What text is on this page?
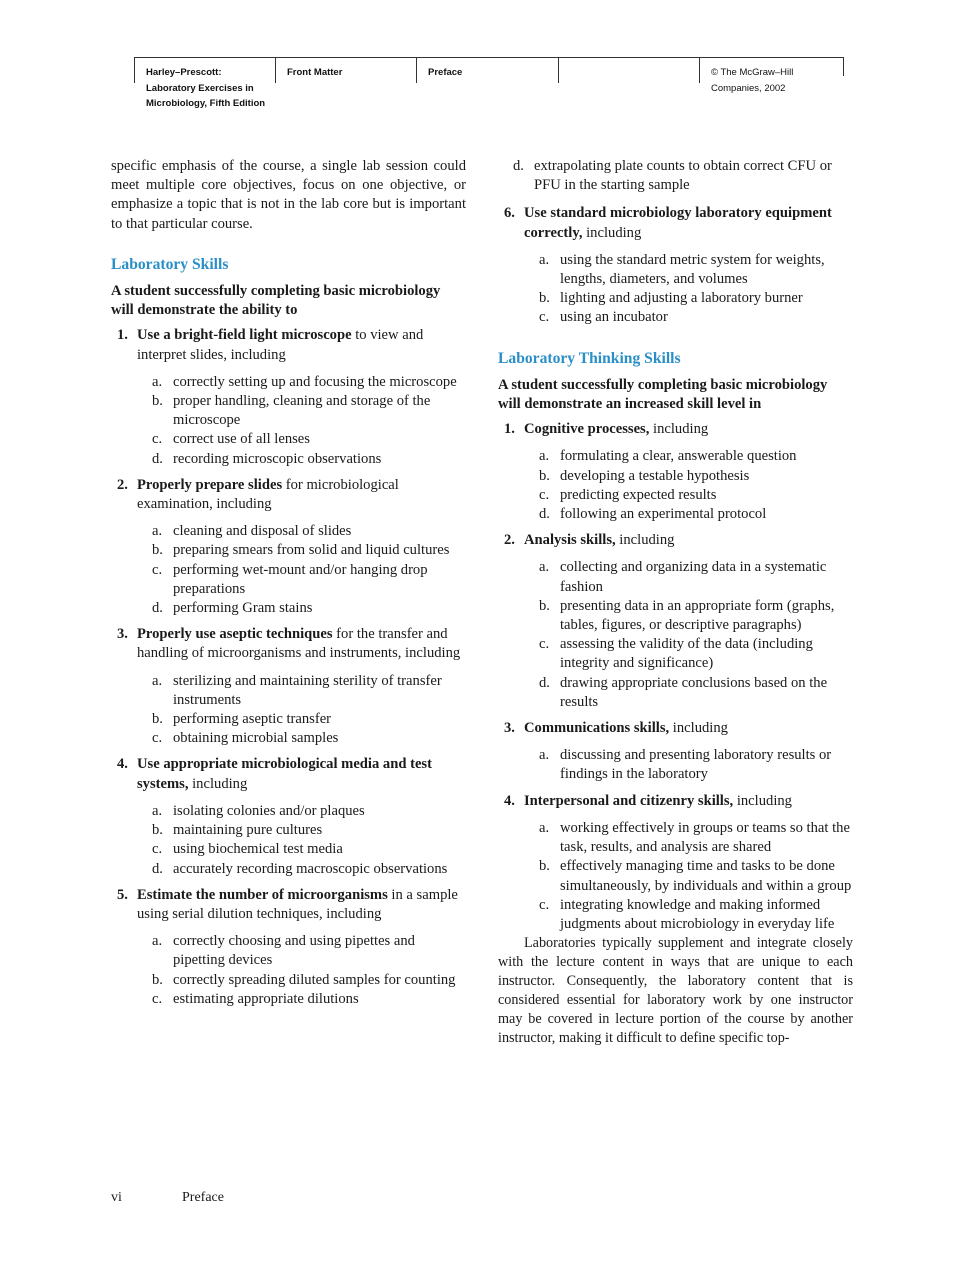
Harley–Prescott:
Laboratory Exercises in
Microbiology, Fifth Edition
Front Matter	Preface	© The McGraw–Hill
Companies, 2002

specific emphasis of the course, a single lab session could meet multiple core objectives, focus on one objective, or emphasize a topic that is not in the lab core but is important to that particular course.

Laboratory Skills

A student successfully completing basic microbiology will demonstrate the ability to

1. Use a bright-field light microscope to view and interpret slides, including
a. correctly setting up and focusing the microscope
b. proper handling, cleaning and storage of the microscope
c. correct use of all lenses
d. recording microscopic observations
2. Properly prepare slides for microbiological examination, including
a. cleaning and disposal of slides
b. preparing smears from solid and liquid cultures
c. performing wet-mount and/or hanging drop preparations
d. performing Gram stains
3. Properly use aseptic techniques for the transfer and handling of microorganisms and instruments, including
a. sterilizing and maintaining sterility of transfer instruments
b. performing aseptic transfer
c. obtaining microbial samples
4. Use appropriate microbiological media and test systems, including
a. isolating colonies and/or plaques
b. maintaining pure cultures
c. using biochemical test media
d. accurately recording macroscopic observations
5. Estimate the number of microorganisms in a sample using serial dilution techniques, including
a. correctly choosing and using pipettes and pipetting devices
b. correctly spreading diluted samples for counting
c. estimating appropriate dilutions
d. extrapolating plate counts to obtain correct CFU or PFU in the starting sample
6. Use standard microbiology laboratory equipment correctly, including
a. using the standard metric system for weights, lengths, diameters, and volumes
b. lighting and adjusting a laboratory burner
c. using an incubator
Laboratory Thinking Skills

A student successfully completing basic microbiology will demonstrate an increased skill level in

1. Cognitive processes, including
a. formulating a clear, answerable question
b. developing a testable hypothesis
c. predicting expected results
d. following an experimental protocol
2. Analysis skills, including
a. collecting and organizing data in a systematic fashion
b. presenting data in an appropriate form (graphs, tables, figures, or descriptive paragraphs)
c. assessing the validity of the data (including integrity and significance)
d. drawing appropriate conclusions based on the results
3. Communications skills, including
a. discussing and presenting laboratory results or findings in the laboratory
4. Interpersonal and citizenry skills, including
a. working effectively in groups or teams so that the task, results, and analysis are shared
b. effectively managing time and tasks to be done simultaneously, by individuals and within a group
c. integrating knowledge and making informed judgments about microbiology in everyday life

Laboratories typically supplement and integrate closely with the lecture content in ways that are unique to each instructor. Consequently, the laboratory content that is considered essential for laboratory work by one instructor may be covered in lecture portion of the course by another instructor, making it difficult to define specific top-

vi	Preface
